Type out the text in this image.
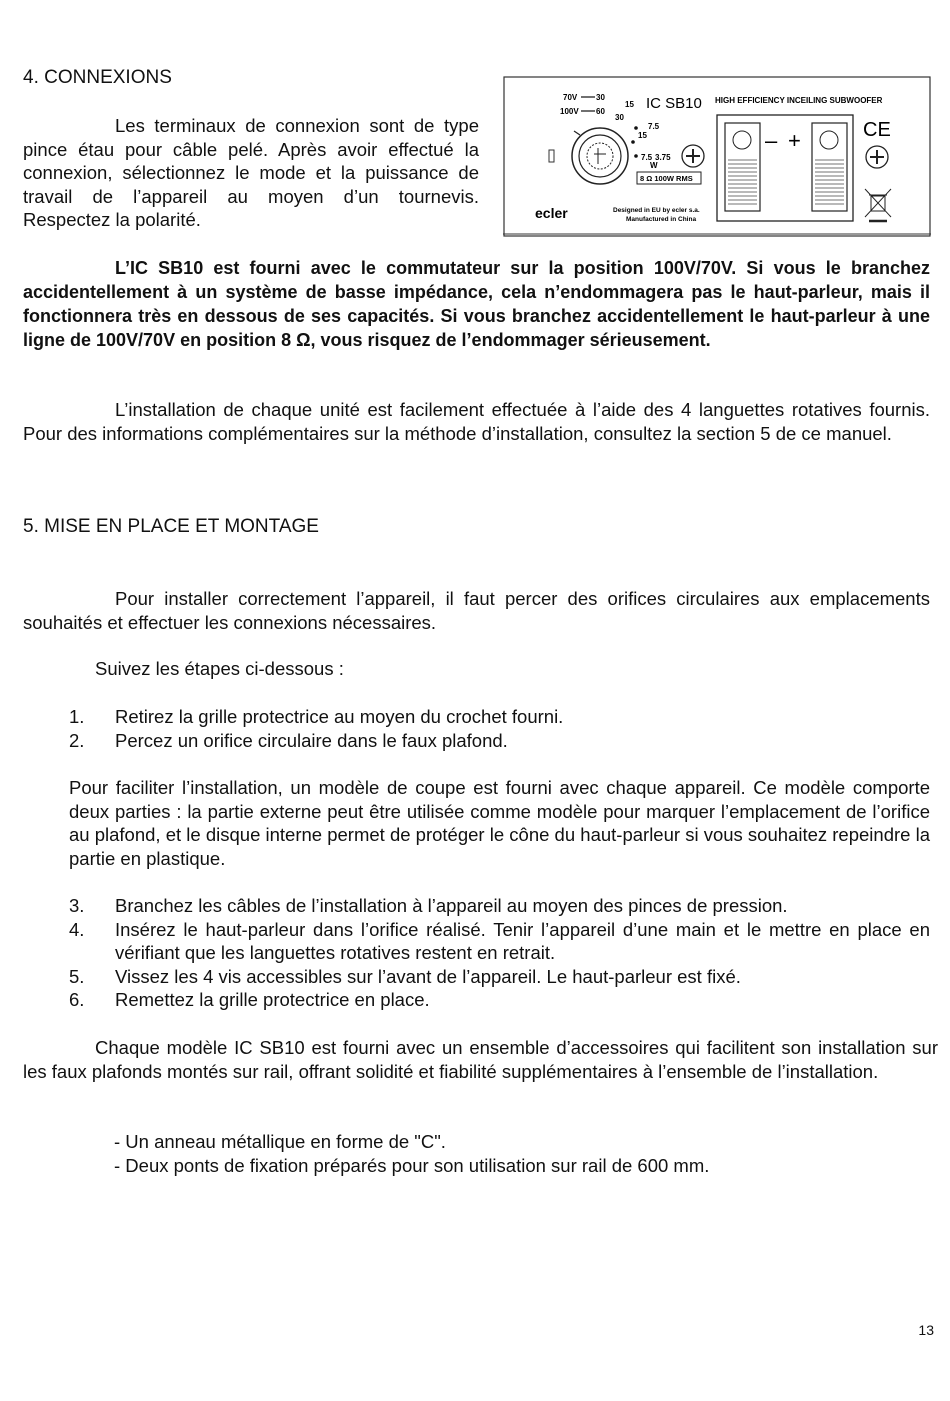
4. CONNEXIONS

Les terminaux de connexion sont de type pince étau pour câble pelé. Après avoir effectué la connexion, sélectionnez le mode et la puissance de travail de l’appareil au moyen d’un tournevis. Respectez la polarité.

70V
100V
30
60
15
30
7.5
15
7.5 3.75
W
IC SB10 HIGH EFFICIENCY INCEILING SUBWOOFER
8 Ω 100W RMS
ecler	Designed in EU by ecler s.a.
Manufactured in China
– +	CE

L’IC SB10 est fourni avec le commutateur sur la position 100V/70V. Si vous le branchez accidentellement à un système de basse impédance, cela n’endommagera pas le haut-parleur, mais il fonctionnera très en dessous de ses capacités. Si vous branchez accidentellement le haut-parleur à une ligne de 100V/70V en position 8 Ω, vous risquez de l’endommager sérieusement.

L’installation de chaque unité est facilement effectuée à l’aide des 4 languettes rotatives fournis. Pour des informations complémentaires sur la méthode d’installation, consultez la section 5 de ce manuel.

5. MISE EN PLACE ET MONTAGE

Pour installer correctement l’appareil, il faut percer des orifices circulaires aux emplacements souhaités et effectuer les connexions nécessaires.

Suivez les étapes ci-dessous :

1. Retirez la grille protectrice au moyen du crochet fourni.
2. Percez un orifice circulaire dans le faux plafond.

Pour faciliter l’installation, un modèle de coupe est fourni avec chaque appareil. Ce modèle comporte deux parties : la partie externe peut être utilisée comme modèle pour marquer l’emplacement de l’orifice au plafond, et le disque interne permet de protéger le cône du haut-parleur si vous souhaitez repeindre la partie en plastique.

3. Branchez les câbles de l’installation à l’appareil au moyen des pinces de pression.
4. Insérez le haut-parleur dans l’orifice réalisé. Tenir l’appareil d’une main et le mettre en place en vérifiant que les languettes rotatives restent en retrait.
5. Vissez les 4 vis accessibles sur l’avant de l’appareil. Le haut-parleur est fixé.
6. Remettez la grille protectrice en place.

Chaque modèle IC SB10 est fourni avec un ensemble d’accessoires qui facilitent son installation sur les faux plafonds montés sur rail, offrant solidité et fiabilité supplémentaires à l’ensemble de l’installation.

- Un anneau métallique en forme de "C".

- Deux ponts de fixation préparés pour son utilisation sur rail de 600 mm.

13
